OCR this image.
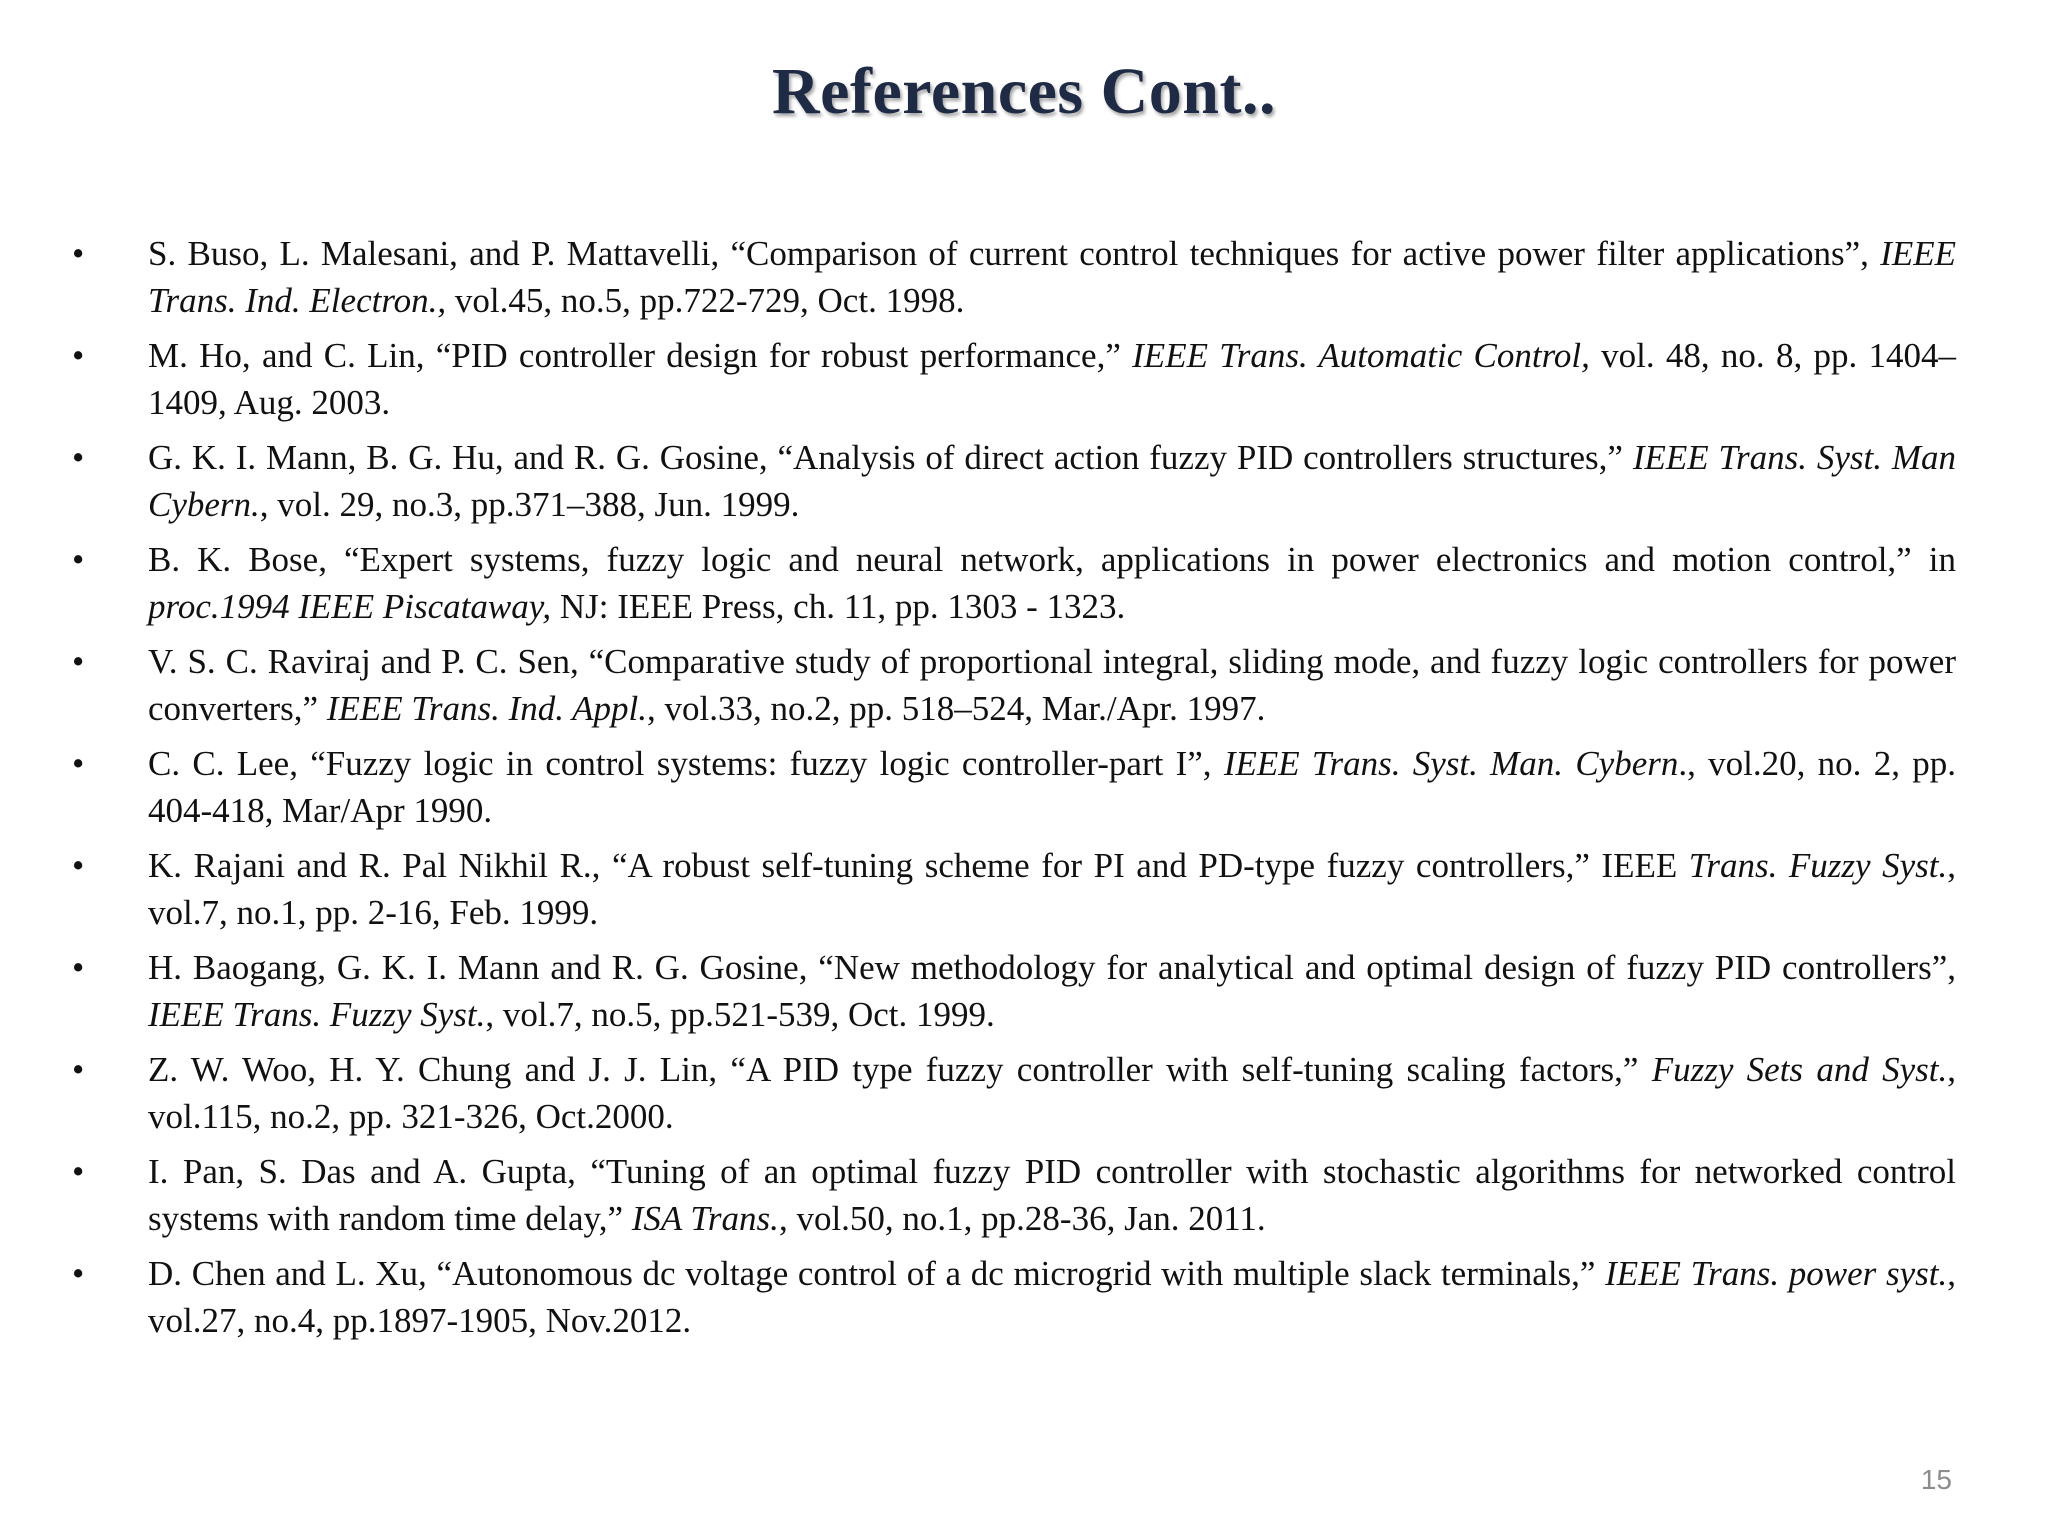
References Cont..
•	S. Buso, L. Malesani, and P. Mattavelli, “Comparison of current control techniques for active power filter applications”, IEEE Trans. Ind. Electron., vol.45, no.5, pp.722-729, Oct. 1998.
•	M. Ho, and C. Lin, “PID controller design for robust performance,” IEEE Trans. Automatic Control, vol. 48, no. 8, pp. 1404–1409, Aug. 2003.
•	G. K. I. Mann, B. G. Hu, and R. G. Gosine, “Analysis of direct action fuzzy PID controllers structures,” IEEE Trans. Syst. Man Cybern., vol. 29, no.3, pp.371–388, Jun. 1999.
•	B. K. Bose, “Expert systems, fuzzy logic and neural network, applications in power electronics and motion control,” in proc.1994 IEEE Piscataway, NJ: IEEE Press, ch. 11, pp. 1303 - 1323.
•	V. S. C. Raviraj and P. C. Sen, “Comparative study of proportional integral, sliding mode, and fuzzy logic controllers for power converters,” IEEE Trans. Ind. Appl., vol.33, no.2, pp. 518–524, Mar./Apr. 1997.
•	C. C. Lee, “Fuzzy logic in control systems: fuzzy logic controller-part I”, IEEE Trans. Syst. Man. Cybern., vol.20, no. 2, pp. 404-418, Mar/Apr 1990.
•	K. Rajani and R. Pal Nikhil R., “A robust self-tuning scheme for PI and PD-type fuzzy controllers,” IEEE Trans. Fuzzy Syst., vol.7, no.1, pp. 2-16, Feb. 1999.
•	H. Baogang, G. K. I. Mann and R. G. Gosine, “New methodology for analytical and optimal design of fuzzy PID controllers”, IEEE Trans. Fuzzy Syst., vol.7, no.5, pp.521-539, Oct. 1999.
•	Z. W. Woo, H. Y. Chung and J. J. Lin, “A PID type fuzzy controller with self-tuning scaling factors,” Fuzzy Sets and Syst., vol.115, no.2, pp. 321-326, Oct.2000.
•	I. Pan, S. Das and A. Gupta, “Tuning of an optimal fuzzy PID controller with stochastic algorithms for networked control systems with random time delay,” ISA Trans., vol.50, no.1, pp.28-36, Jan. 2011.
•	D. Chen and L. Xu, “Autonomous dc voltage control of a dc microgrid with multiple slack terminals,” IEEE Trans. power syst., vol.27, no.4, pp.1897-1905, Nov.2012.
15
